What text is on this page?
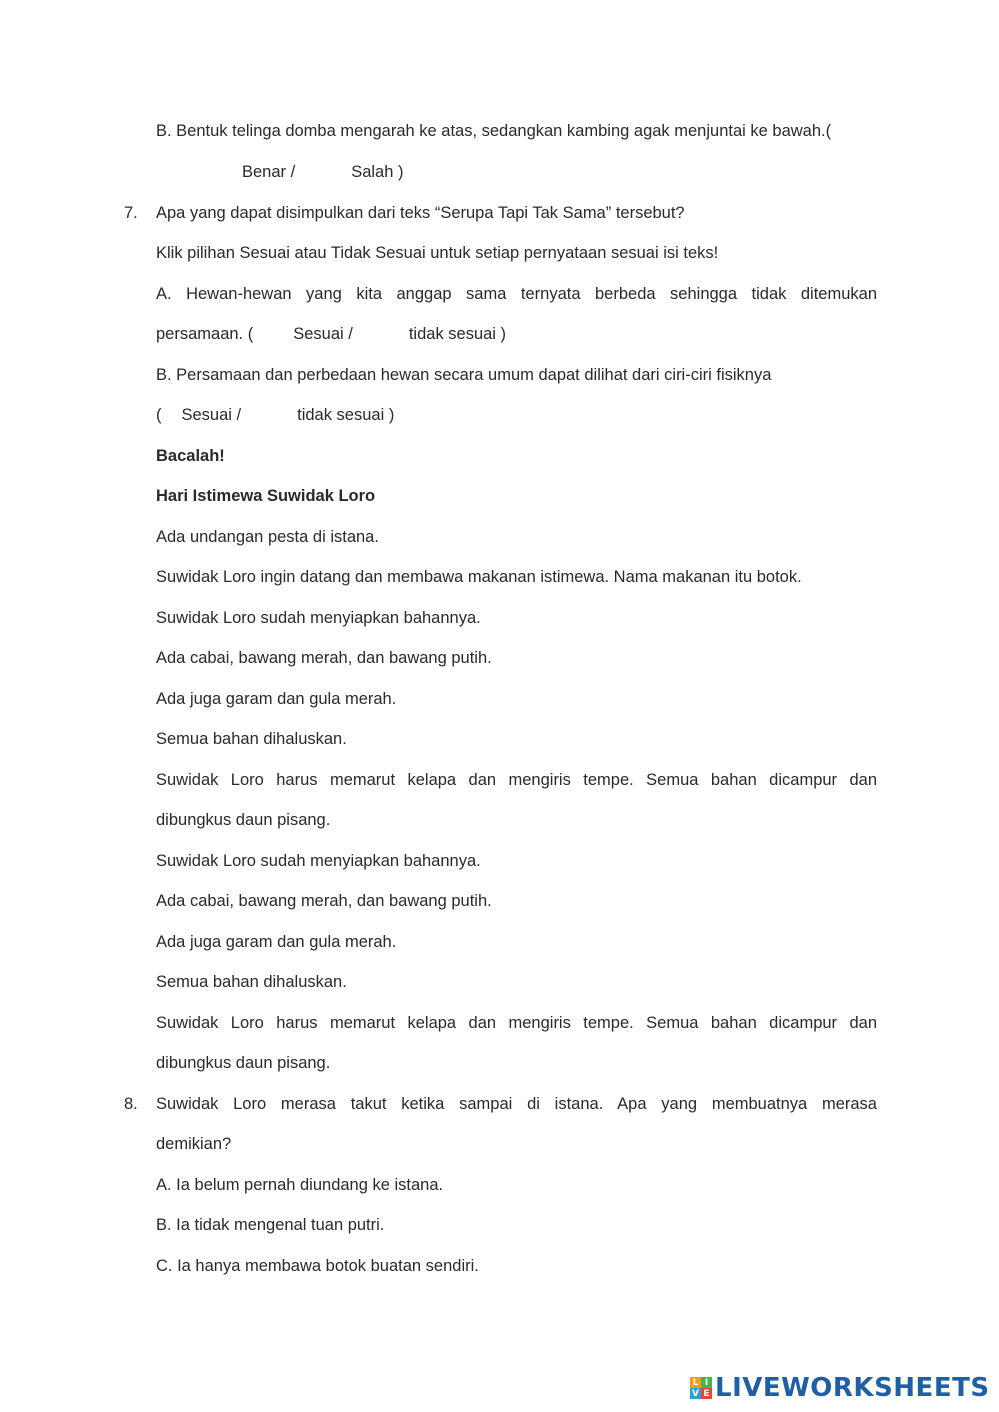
B. Bentuk telinga domba mengarah ke atas, sedangkan kambing agak menjuntai ke bawah.(
Benar /	Salah )
7. Apa yang dapat disimpulkan dari teks “Serupa Tapi Tak Sama” tersebut?
Klik pilihan Sesuai atau Tidak Sesuai untuk setiap pernyataan sesuai isi teks!
A. Hewan-hewan yang kita anggap sama ternyata berbeda sehingga tidak ditemukan
persamaan. ( Sesuai /	tidak sesuai )
B. Persamaan dan perbedaan hewan secara umum dapat dilihat dari ciri-ciri fisiknya
( Sesuai /	tidak sesuai )
Bacalah!
Hari Istimewa Suwidak Loro
Ada undangan pesta di istana.
Suwidak Loro ingin datang dan membawa makanan istimewa. Nama makanan itu botok.
Suwidak Loro sudah menyiapkan bahannya.
Ada cabai, bawang merah, dan bawang putih.
Ada juga garam dan gula merah.
Semua bahan dihaluskan.
Suwidak Loro harus memarut kelapa dan mengiris tempe. Semua bahan dicampur dan
dibungkus daun pisang.
Suwidak Loro sudah menyiapkan bahannya.
Ada cabai, bawang merah, dan bawang putih.
Ada juga garam dan gula merah.
Semua bahan dihaluskan.
Suwidak Loro harus memarut kelapa dan mengiris tempe. Semua bahan dicampur dan
dibungkus daun pisang.
8. Suwidak Loro merasa takut ketika sampai di istana. Apa yang membuatnya merasa
demikian?
A. Ia belum pernah diundang ke istana.
B. Ia tidak mengenal tuan putri.
C. Ia hanya membawa botok buatan sendiri.
L I
V E LIVEWORKSHEETS
